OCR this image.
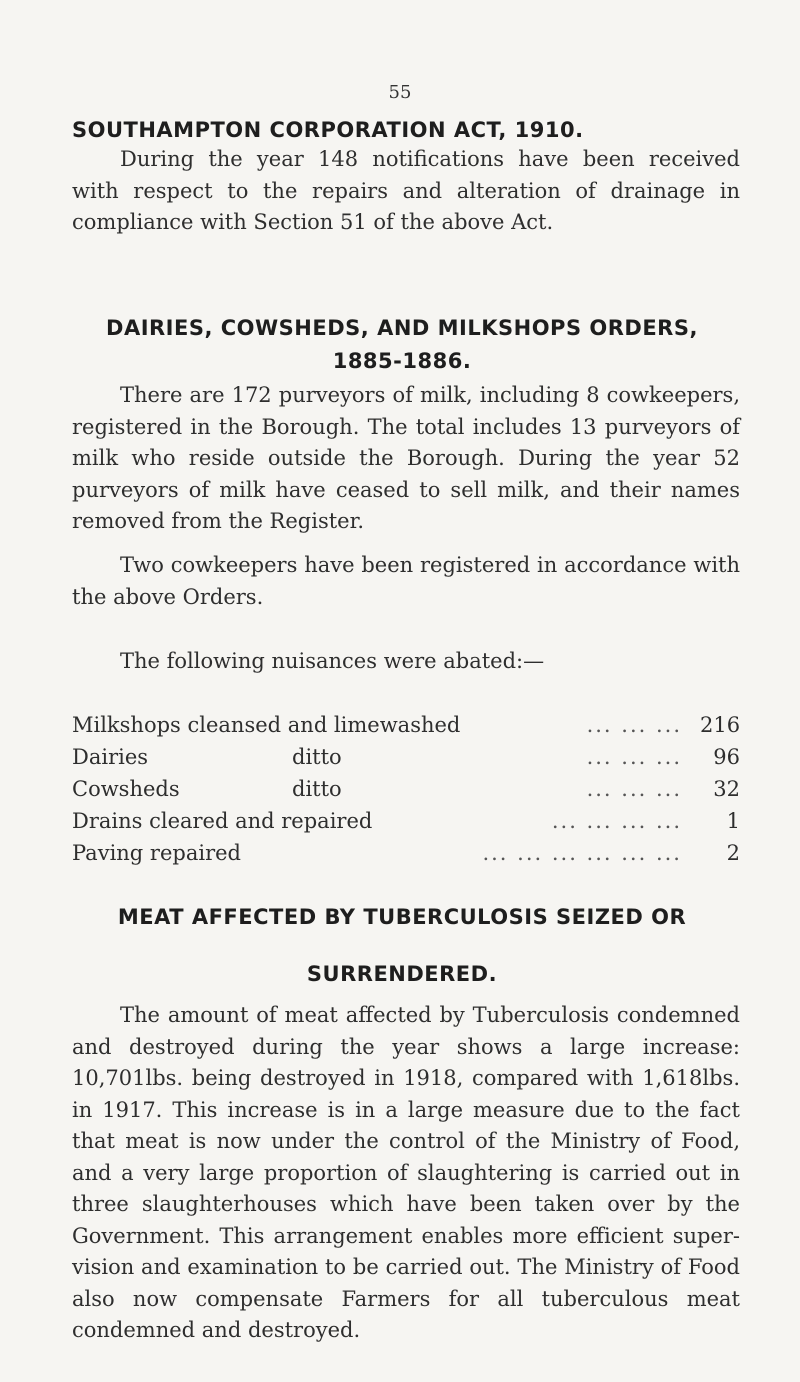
55
SOUTHAMPTON CORPORATION ACT, 1910.
During the year 148 notifications have been received with respect to the repairs and alteration of drainage in compliance with Section 51 of the above Act.
DAIRIES, COWSHEDS, AND MILKSHOPS ORDERS,
1885-1886.
There are 172 purveyors of milk, including 8 cowkeepers, registered in the Borough. The total includes 13 purveyors of milk who reside outside the Borough. During the year 52 purveyors of milk have ceased to sell milk, and their names removed from the Register.
Two cowkeepers have been registered in accordance with the above Orders.
The following nuisances were abated:—
Milkshops cleansed and limewashed	... ... ... 216
Dairies	ditto	... ... ...	96
Cowsheds	ditto	... ... ...	32
Drains cleared and repaired	... ... ... ...	1
Paving repaired	... ... ... ... ... ...	2
MEAT AFFECTED BY TUBERCULOSIS SEIZED OR
SURRENDERED.
The amount of meat affected by Tuberculosis condemned and destroyed during the year shows a large increase: 10,701lbs. being destroyed in 1918, compared with 1,618lbs. in 1917. This increase is in a large measure due to the fact that meat is now under the control of the Ministry of Food, and a very large proportion of slaughtering is carried out in three slaughterhouses which have been taken over by the Government. This arrangement enables more efficient super-vision and examination to be carried out. The Ministry of Food also now compensate Farmers for all tuberculous meat condemned and destroyed.
